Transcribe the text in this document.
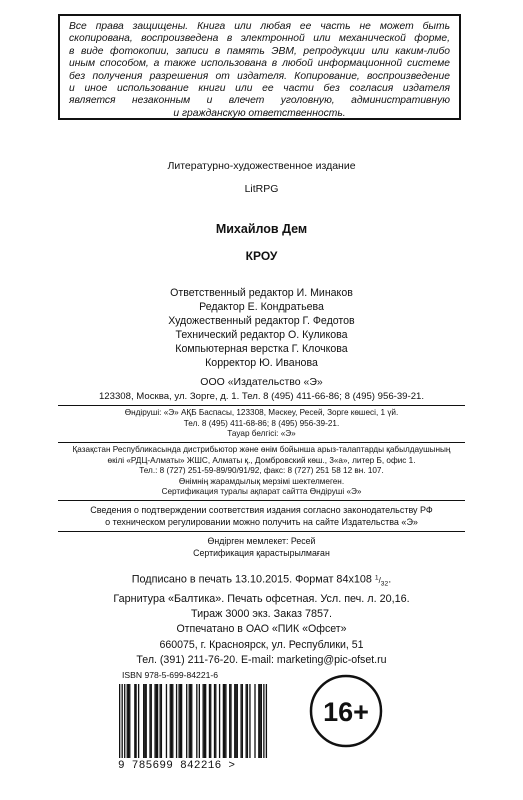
Все права защищены. Книга или любая ее часть не может быть
скопирована, воспроизведена в электронной или механической форме,
в виде фотокопии, записи в память ЭВМ, репродукции или каким-либо
иным способом, а также использована в любой информационной системе
без получения разрешения от издателя. Копирование, воспроизведение
и иное использование книги или ее части без согласия издателя
является незаконным и влечет уголовную, административную
и гражданскую ответственность.
Литературно-художественное издание
LitRPG
Михайлов Дем
КРОУ
Ответственный редактор И. Минаков
Редактор Е. Кондратьева
Художественный редактор Г. Федотов
Технический редактор О. Куликова
Компьютерная верстка Г. Клочкова
Корректор Ю. Иванова
ООО «Издательство «Э»
123308, Москва, ул. Зорге, д. 1. Тел. 8 (495) 411-66-86; 8 (495) 956-39-21.
Өндіруші: «Э» АҚБ Баспасы, 123308, Мәскеу, Ресей, Зорге көшесі, 1 үй.
Тел. 8 (495) 411-68-86; 8 (495) 956-39-21.
Тауар белгісі: «Э»
Қазақстан Республикасында дистрибьютор және өнім бойынша арыз-талаптарды қабылдаушының
өкілі «РДЦ-Алматы» ЖШС, Алматы қ., Домбровский көш., 3«а», литер Б, офис 1.
Тел.: 8 (727) 251-59-89/90/91/92, факс: 8 (727) 251 58 12 вн. 107.
Өнімнің жарамдылық мерзімі шектелмеген.
Сертификация туралы ақпарат сайтта Өндіруші «Э»
Сведения о подтверждении соответствия издания согласно законодательству РФ
о техническом регулировании можно получить на сайте Издательства «Э»
Өндірген мемлекет: Ресей
Сертификация қарастырылмаған
Подписано в печать 13.10.2015. Формат 84х108 $^1/_{32}$.
Гарнитура «Балтика». Печать офсетная. Усл. печ. л. 20,16.
Тираж 3000 экз. Заказ 7857.
Отпечатано в ОАО «ПИК «Офсет»
660075, г. Красноярск, ул. Республики, 51
Тел. (391) 211-76-20. E-mail: marketing@pic-ofset.ru
ISBN 978-5-699-84221-6
9 785699 842216 >
16+
